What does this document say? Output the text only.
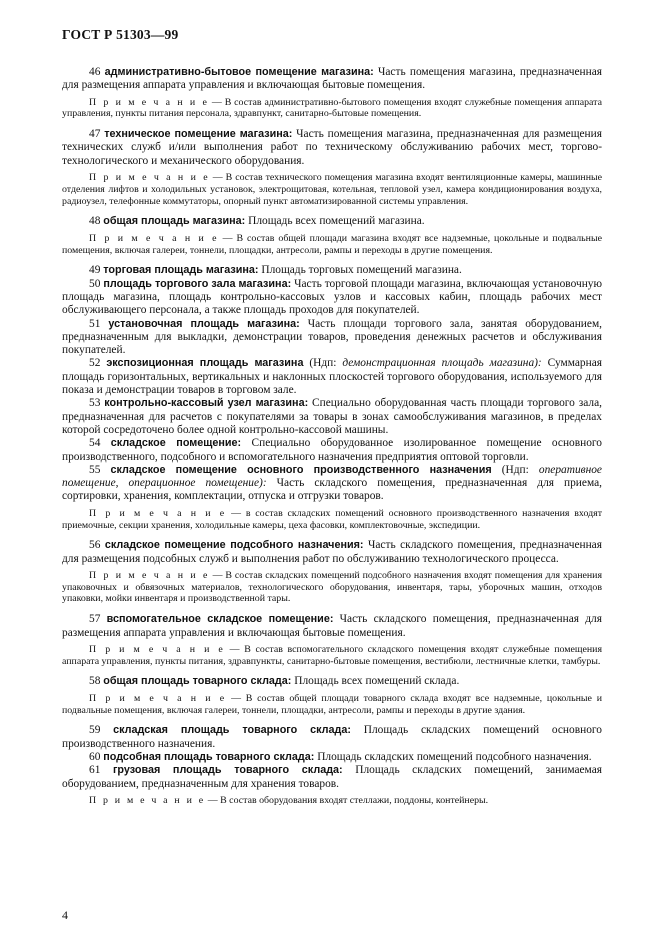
ГОСТ Р 51303—99

46 административно-бытовое помещение магазина: Часть помещения магазина, предназначенная для размещения аппарата управления и включающая бытовые помещения.

П р и м е ч а н и е — В состав административно-бытового помещения входят служебные помещения аппарата управления, пункты питания персонала, здравпункт, санитарно-бытовые помещения.

47 техническое помещение магазина: Часть помещения магазина, предназначенная для размещения технических служб и/или выполнения работ по техническому обслуживанию рабочих мест, торгово-технологического и механического оборудования.

П р и м е ч а н и е — В состав технического помещения магазина входят вентиляционные камеры, машинные отделения лифтов и холодильных установок, электрощитовая, котельная, тепловой узел, камера кондиционирования воздуха, радиоузел, телефонные коммутаторы, опорный пункт автоматизированной системы управления.

48 общая площадь магазина: Площадь всех помещений магазина.

П р и м е ч а н и е — В состав общей площади магазина входят все надземные, цокольные и подвальные помещения, включая галереи, тоннели, площадки, антресоли, рампы и переходы в другие помещения.

49 торговая площадь магазина: Площадь торговых помещений магазина.

50 площадь торгового зала магазина: Часть торговой площади магазина, включающая установочную площадь магазина, площадь контрольно-кассовых узлов и кассовых кабин, площадь рабочих мест обслуживающего персонала, а также площадь проходов для покупателей.

51 установочная площадь магазина: Часть площади торгового зала, занятая оборудованием, предназначенным для выкладки, демонстрации товаров, проведения денежных расчетов и обслуживания покупателей.

52 экспозиционная площадь магазина (Ндп: демонстрационная площадь магазина): Суммарная площадь горизонтальных, вертикальных и наклонных плоскостей торгового оборудования, используемого для показа и демонстрации товаров в торговом зале.

53 контрольно-кассовый узел магазина: Специально оборудованная часть площади торгового зала, предназначенная для расчетов с покупателями за товары в зонах самообслуживания магазинов, в пределах которой сосредоточено более одной контрольно-кассовой машины.

54 складское помещение: Специально оборудованное изолированное помещение основного производственного, подсобного и вспомогательного назначения предприятия оптовой торговли.

55 складское помещение основного производственного назначения (Ндп: оперативное помещение, операционное помещение): Часть складского помещения, предназначенная для приема, сортировки, хранения, комплектации, отпуска и отгрузки товаров.

П р и м е ч а н и е — в состав складских помещений основного производственного назначения входят приемочные, секции хранения, холодильные камеры, цеха фасовки, комплектовочные, экспедиции.

56 складское помещение подсобного назначения: Часть складского помещения, предназначенная для размещения подсобных служб и выполнения работ по обслуживанию технологического процесса.

П р и м е ч а н и е — В состав складских помещений подсобного назначения входят помещения для хранения упаковочных и обвязочных материалов, технологического оборудования, инвентаря, тары, уборочных машин, отходов упаковки, мойки инвентаря и производственной тары.

57 вспомогательное складское помещение: Часть складского помещения, предназначенная для размещения аппарата управления и включающая бытовые помещения.

П р и м е ч а н и е — В состав вспомогательного складского помещения входят служебные помещения аппарата управления, пункты питания, здравпункты, санитарно-бытовые помещения, вестибюли, лестничные клетки, тамбуры.

58 общая площадь товарного склада: Площадь всех помещений склада.

П р и м е ч а н и е — В состав общей площади товарного склада входят все надземные, цокольные и подвальные помещения, включая галереи, тоннели, площадки, антресоли, рампы и переходы в другие здания.

59 складская площадь товарного склада: Площадь складских помещений основного производственного назначения.

60 подсобная площадь товарного склада: Площадь складских помещений подсобного назначения.

61 грузовая площадь товарного склада: Площадь складских помещений, занимаемая оборудованием, предназначенным для хранения товаров.

П р и м е ч а н и е — В состав оборудования входят стеллажи, поддоны, контейнеры.

4
